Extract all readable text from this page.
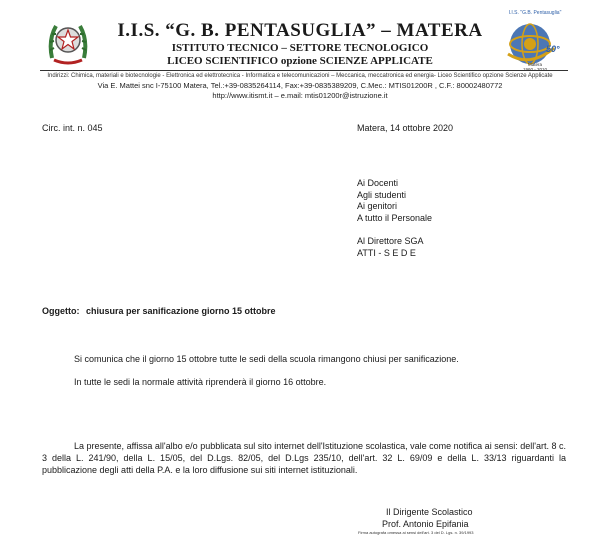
I.I.S. "G.B. Pentasuglia"
50°
Matera
1960 - 2010
I.I.S. “G. B. PENTASUGLIA” – MATERA
ISTITUTO TECNICO – SETTORE TECNOLOGICO
LICEO SCIENTIFICO opzione SCIENZE APPLICATE
Indirizzi: Chimica, materiali e biotecnologie - Elettronica ed elettrotecnica - Informatica e telecomunicazioni – Meccanica, meccatronica ed energia- Liceo Scientifico opzione Scienze Applicate
Via E. Mattei snc I-75100 Matera, Tel.:+39-0835264114, Fax:+39-0835389209, C.Mec.: MTIS01200R , C.F.: 80002480772
http://www.itismt.it – e.mail: mtis01200r@istruzione.it
Circ. int. n. 045	Matera, 14 ottobre 2020
Ai Docenti
Agli studenti
Ai genitori
A tutto il Personale
Al Direttore SGA
ATTI - S E D E
Oggetto: chiusura per sanificazione giorno 15 ottobre
Si comunica che il giorno 15 ottobre tutte le sedi della scuola rimangono chiusi per sanificazione.
In tutte le sedi la normale attività riprenderà il giorno 16 ottobre.
La presente, affissa all'albo e/o pubblicata sul sito internet dell'Istituzione scolastica, vale come notifica ai sensi: dell'art. 8 c. 3 della L. 241/90, della L. 15/05, del D.Lgs. 82/05, del D.Lgs 235/10, dell'art. 32 L. 69/09 e della L. 33/13 riguardanti la pubblicazione degli atti della P.A. e la loro diffusione sui siti internet istituzionali.
Il Dirigente Scolastico
Prof. Antonio Epifania
Firma autografa omessa ai sensi dell'art. 3 del D. Lgs. n. 39/1993
